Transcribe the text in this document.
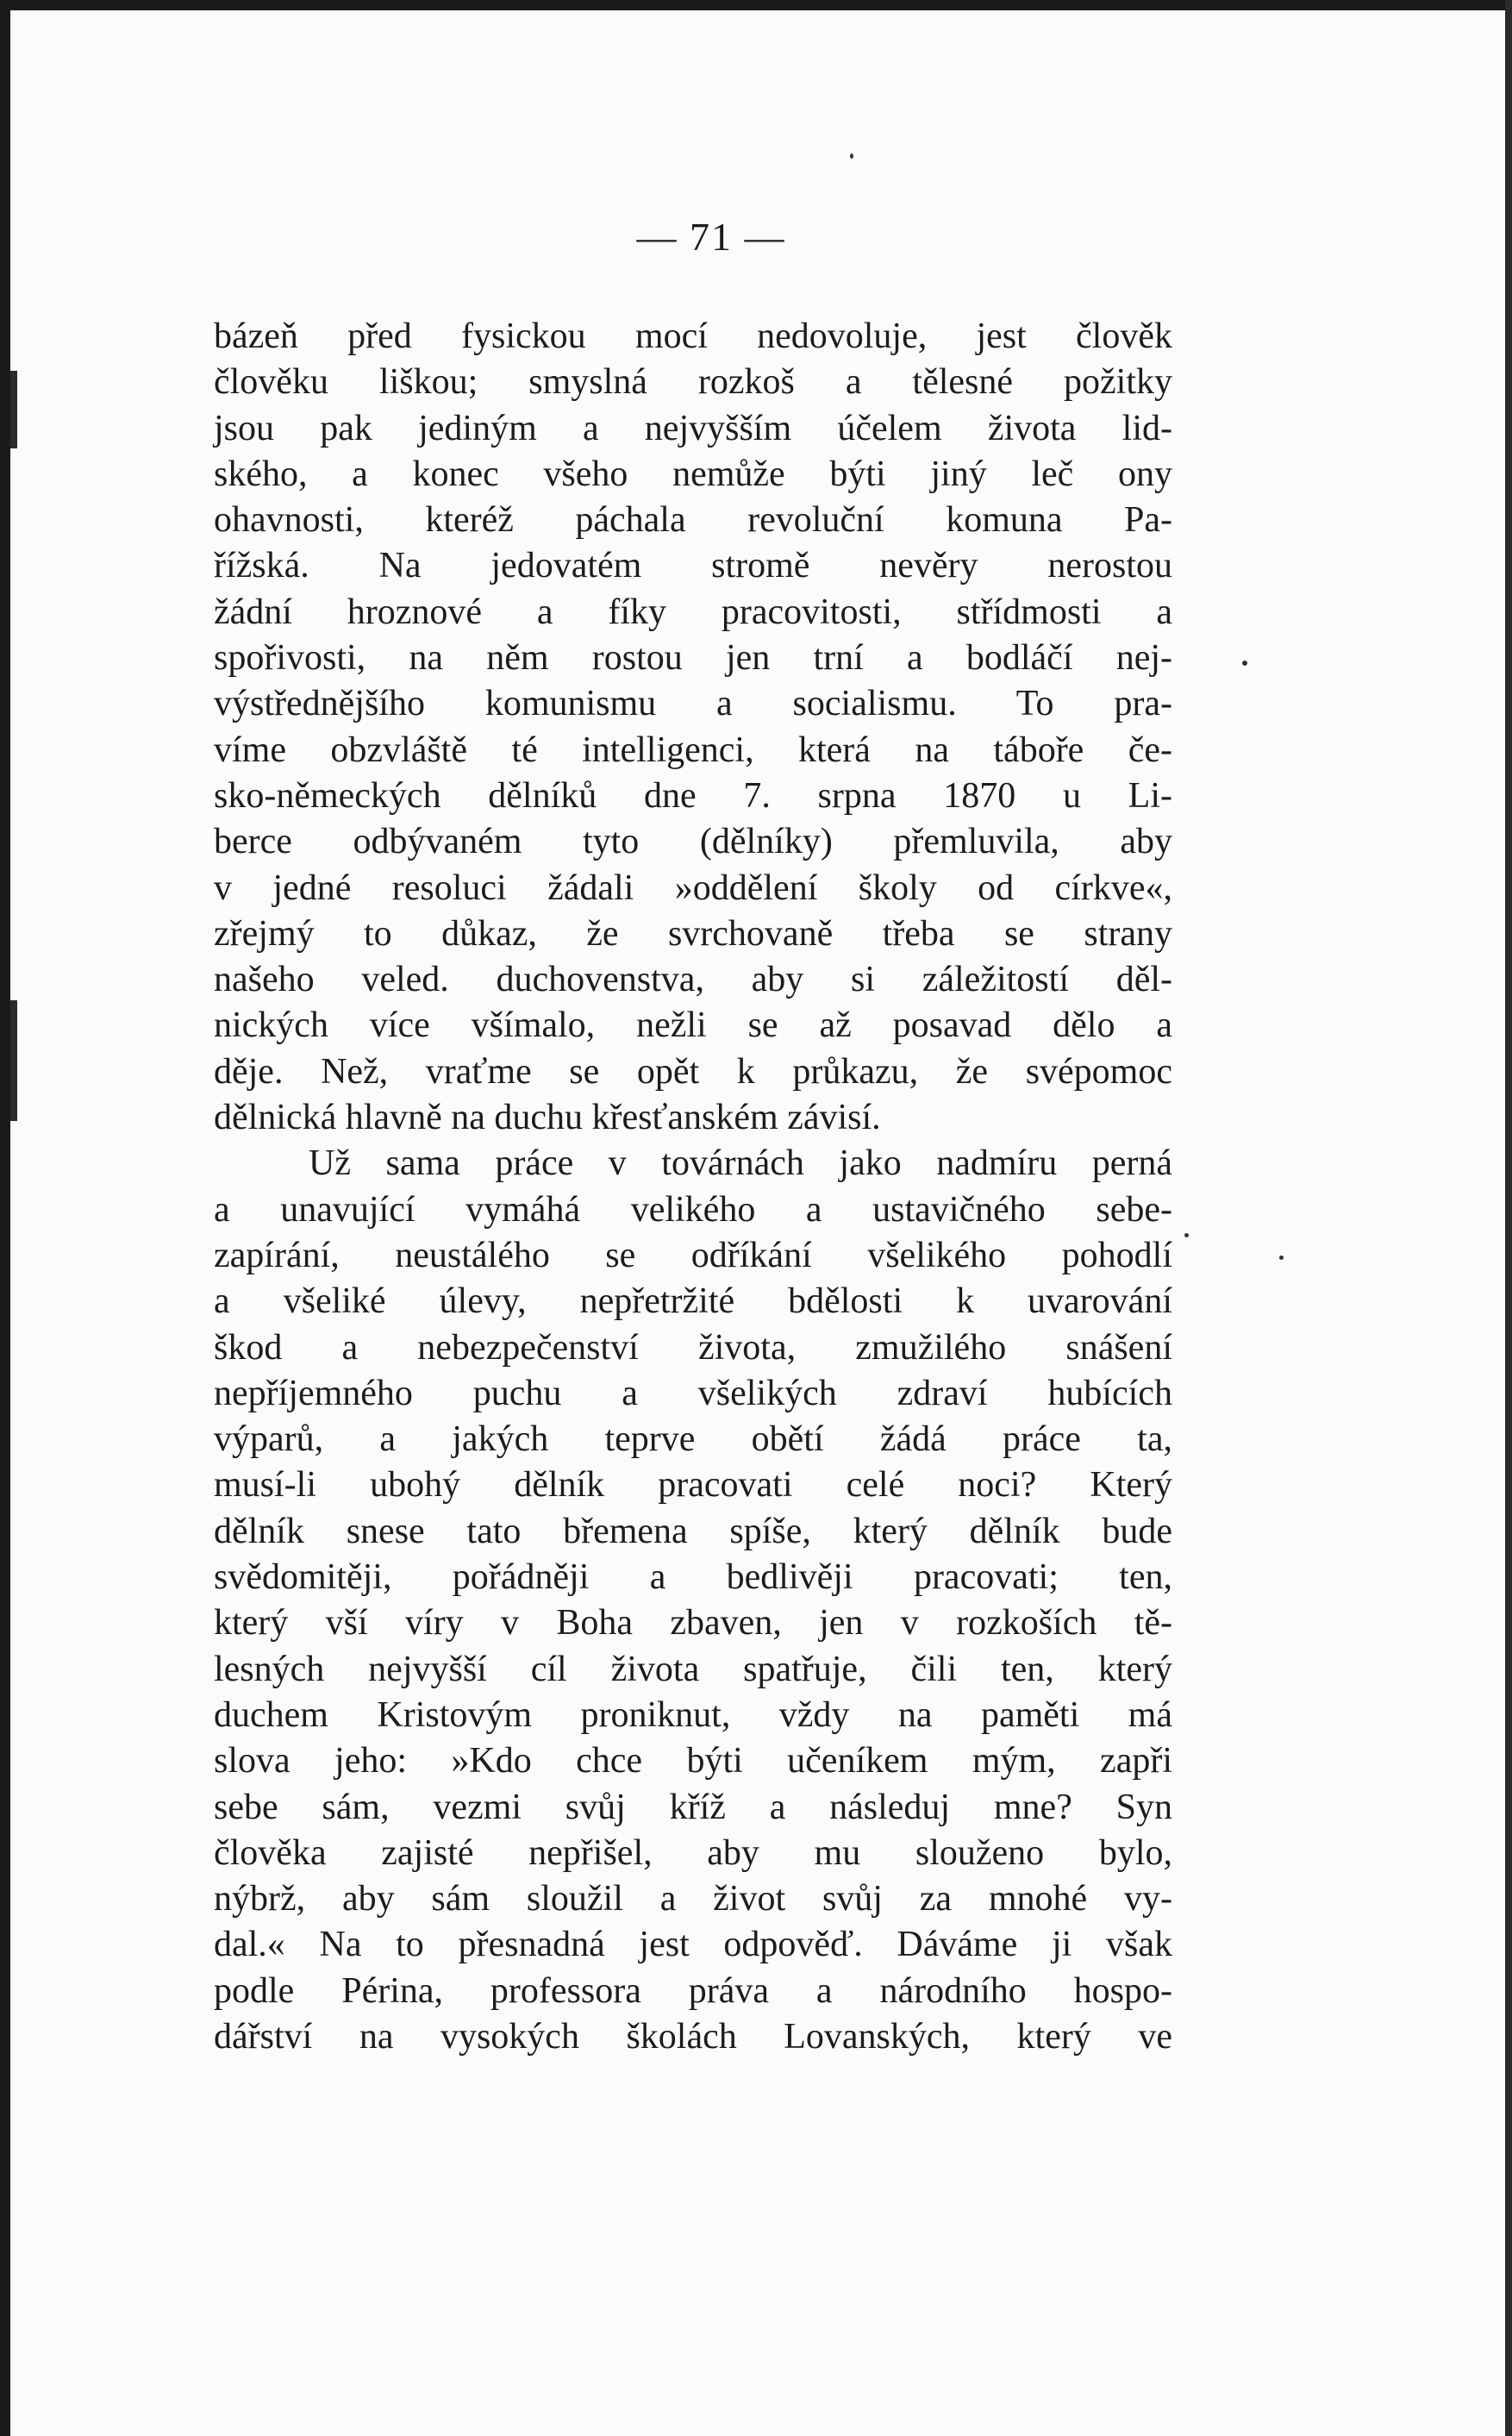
— 71 —
bázeň před fysickou mocí nedovoluje, jest člověk
člověku liškou; smyslná rozkoš a tělesné požitky
jsou pak jediným a nejvyšším účelem života lid-
ského, a konec všeho nemůže býti jiný leč ony
ohavnosti, kteréž páchala revoluční komuna Pa-
řížská. Na jedovatém stromě nevěry nerostou
žádní hroznové a fíky pracovitosti, střídmosti a
spořivosti, na něm rostou jen trní a bodláčí nej-
výstřednějšího komunismu a socialismu. To pra-
víme obzvláště té intelligenci, která na táboře če-
sko-německých dělníků dne 7. srpna 1870 u Li-
berce odbývaném tyto (dělníky) přemluvila, aby
v jedné resoluci žádali »oddělení školy od církve«,
zřejmý to důkaz, že svrchovaně třeba se strany
našeho veled. duchovenstva, aby si záležitostí děl-
nických více všímalo, nežli se až posavad dělo a
děje. Než, vraťme se opět k průkazu, že svépomoc
dělnická hlavně na duchu křesťanském závisí.
Už sama práce v továrnách jako nadmíru perná
a unavující vymáhá velikého a ustavičného sebe-
zapírání, neustálého se odříkání všelikého pohodlí
a všeliké úlevy, nepřetržité bdělosti k uvarování
škod a nebezpečenství života, zmužilého snášení
nepříjemného puchu a všelikých zdraví hubících
výparů, a jakých teprve obětí žádá práce ta,
musí-li ubohý dělník pracovati celé noci? Který
dělník snese tato břemena spíše, který dělník bude
svědomitěji, pořádněji a bedlivěji pracovati; ten,
který vší víry v Boha zbaven, jen v rozkoších tě-
lesných nejvyšší cíl života spatřuje, čili ten, který
duchem Kristovým proniknut, vždy na paměti má
slova jeho: »Kdo chce býti učeníkem mým, zapři
sebe sám, vezmi svůj kříž a následuj mne? Syn
člověka zajisté nepřišel, aby mu slouženo bylo,
nýbrž, aby sám sloužil a život svůj za mnohé vy-
dal.« Na to přesnadná jest odpověď. Dáváme ji však
podle Périna, professora práva a národního hospo-
dářství na vysokých školách Lovanských, který ve
